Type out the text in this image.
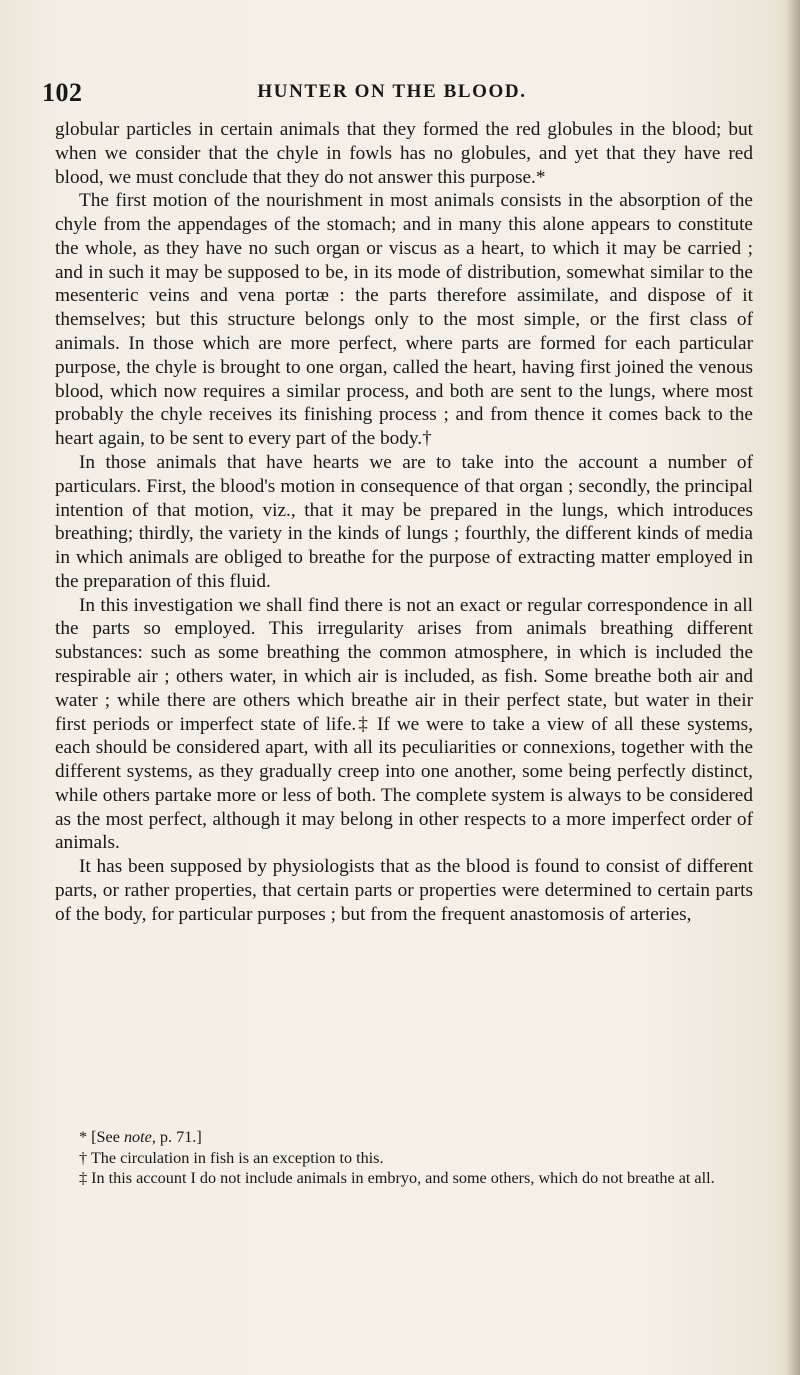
102	HUNTER ON THE BLOOD.

globular particles in certain animals that they formed the red globules in the blood; but when we consider that the chyle in fowls has no globules, and yet that they have red blood, we must conclude that they do not answer this purpose.*

The first motion of the nourishment in most animals consists in the absorption of the chyle from the appendages of the stomach; and in many this alone appears to constitute the whole, as they have no such organ or viscus as a heart, to which it may be carried ; and in such it may be supposed to be, in its mode of distribution, somewhat similar to the mesenteric veins and vena portæ : the parts therefore assimilate, and dispose of it themselves; but this structure belongs only to the most simple, or the first class of animals. In those which are more perfect, where parts are formed for each particular purpose, the chyle is brought to one organ, called the heart, having first joined the venous blood, which now requires a similar process, and both are sent to the lungs, where most probably the chyle receives its finishing process ; and from thence it comes back to the heart again, to be sent to every part of the body.†

In those animals that have hearts we are to take into the account a number of particulars. First, the blood's motion in consequence of that organ ; secondly, the principal intention of that motion, viz., that it may be prepared in the lungs, which introduces breathing; thirdly, the variety in the kinds of lungs ; fourthly, the different kinds of media in which animals are obliged to breathe for the purpose of extracting matter employed in the preparation of this fluid.

In this investigation we shall find there is not an exact or regular correspondence in all the parts so employed. This irregularity arises from animals breathing different substances: such as some breathing the common atmosphere, in which is included the respirable air ; others water, in which air is included, as fish. Some breathe both air and water ; while there are others which breathe air in their perfect state, but water in their first periods or imperfect state of life.‡ If we were to take a view of all these systems, each should be considered apart, with all its peculiarities or connexions, together with the different systems, as they gradually creep into one another, some being perfectly distinct, while others partake more or less of both. The complete system is always to be considered as the most perfect, although it may belong in other respects to a more imperfect order of animals.

It has been supposed by physiologists that as the blood is found to consist of different parts, or rather properties, that certain parts or properties were determined to certain parts of the body, for particular purposes ; but from the frequent anastomosis of arteries,

* [See note, p. 71.]

† The circulation in fish is an exception to this.

‡ In this account I do not include animals in embryo, and some others, which do not breathe at all.
